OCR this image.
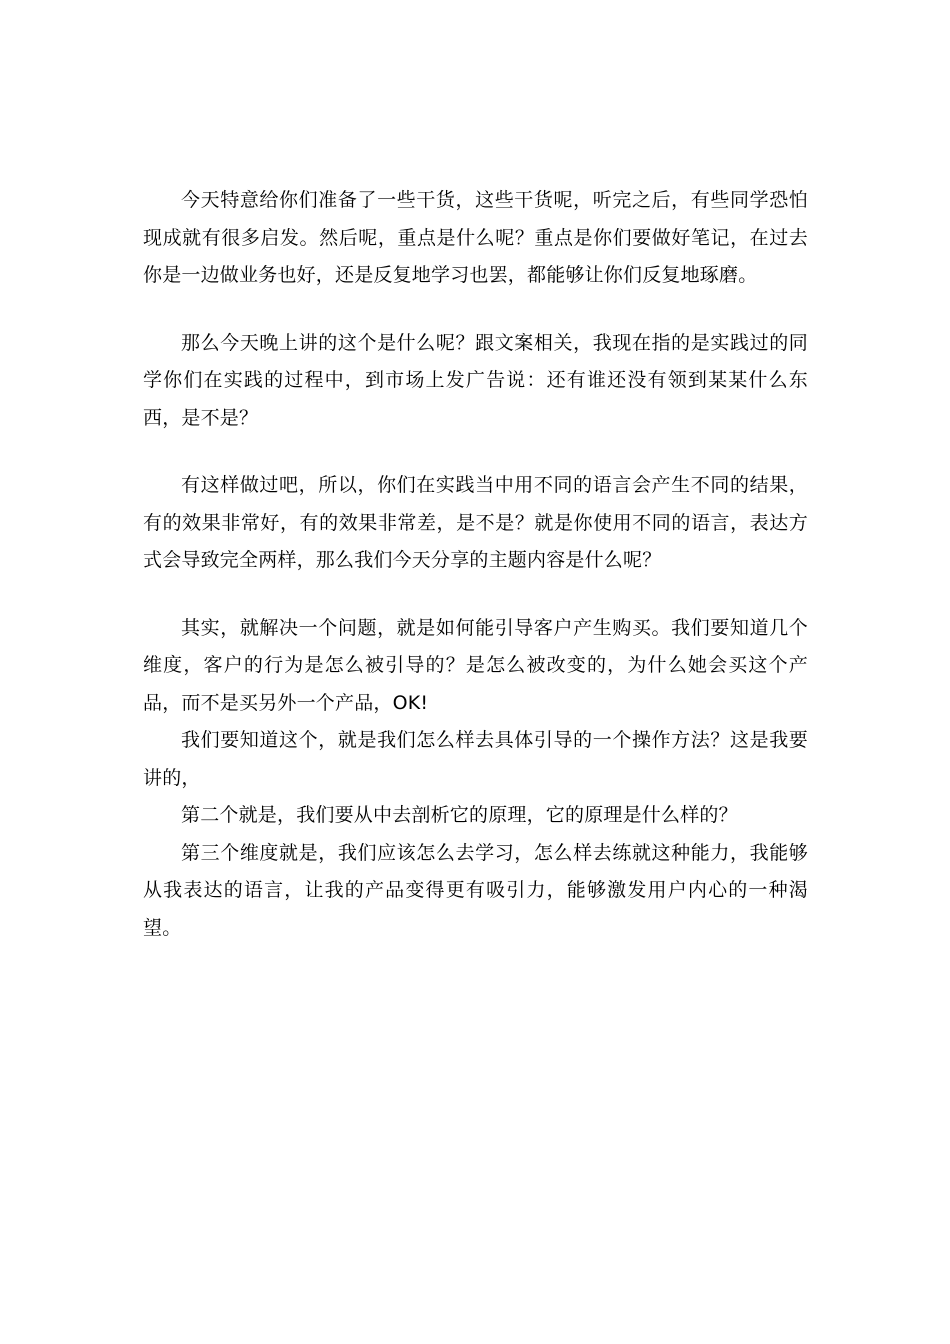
今天特意给你们准备了一些干货，这些干货呢，听完之后，有些同学恐怕现成就有很多启发。然后呢，重点是什么呢？重点是你们要做好笔记，在过去你是一边做业务也好，还是反复地学习也罢，都能够让你们反复地琢磨。

那么今天晚上讲的这个是什么呢？跟文案相关，我现在指的是实践过的同学你们在实践的过程中，到市场上发广告说：还有谁还没有领到某某什么东西，是不是？

有这样做过吧，所以，你们在实践当中用不同的语言会产生不同的结果，有的效果非常好，有的效果非常差，是不是？就是你使用不同的语言，表达方式会导致完全两样，那么我们今天分享的主题内容是什么呢？

其实，就解决一个问题，就是如何能引导客户产生购买。我们要知道几个维度，客户的行为是怎么被引导的？是怎么被改变的，为什么她会买这个产品，而不是买另外一个产品，OK!

我们要知道这个，就是我们怎么样去具体引导的一个操作方法？这是我要讲的，

第二个就是，我们要从中去剖析它的原理，它的原理是什么样的？

第三个维度就是，我们应该怎么去学习，怎么样去练就这种能力，我能够从我表达的语言，让我的产品变得更有吸引力，能够激发用户内心的一种渴望。
